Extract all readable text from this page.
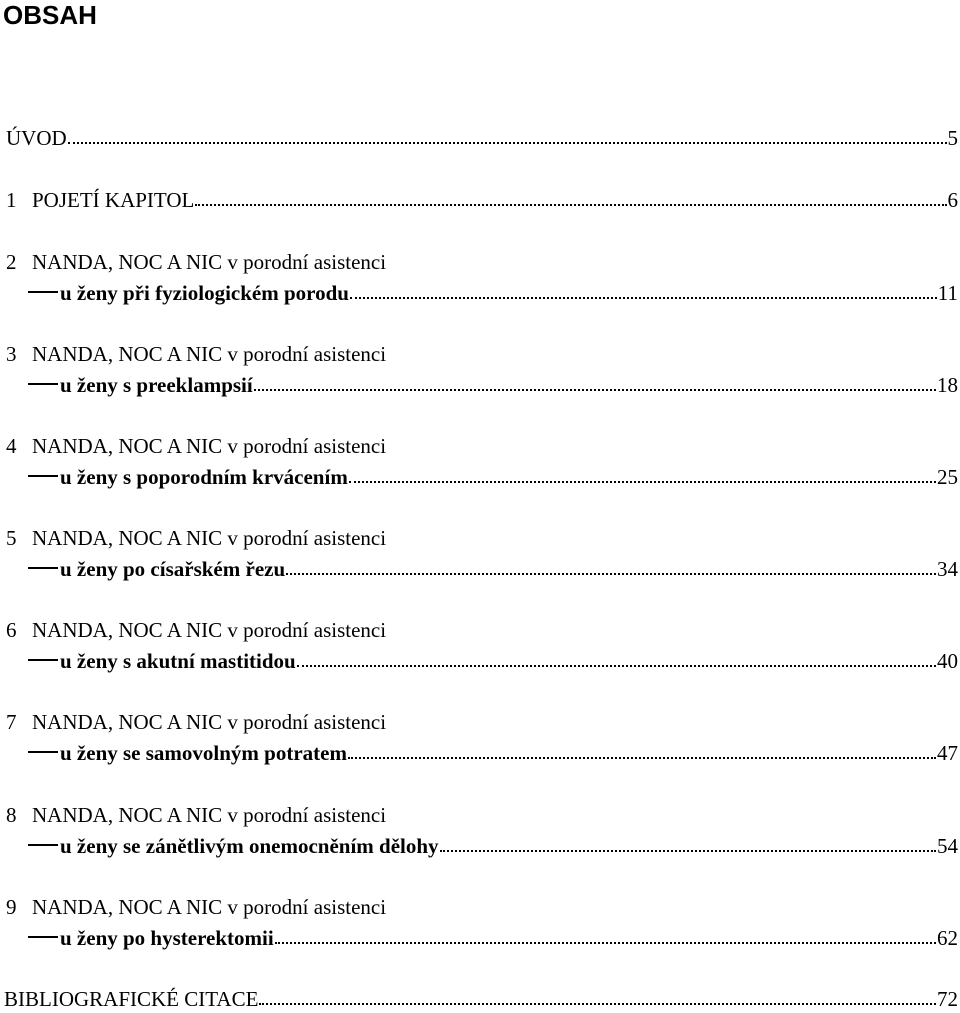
OBSAH
ÚVOD	5
1 POJETÍ KAPITOL	6
2 NANDA, NOC A NIC v porodní asistenci
u ženy při fyziologickém porodu	11
3 NANDA, NOC A NIC v porodní asistenci
u ženy s preeklampsií	18
4 NANDA, NOC A NIC v porodní asistenci
u ženy s poporodním krvácením	25
5 NANDA, NOC A NIC v porodní asistenci
u ženy po císařském řezu	34
6 NANDA, NOC A NIC v porodní asistenci
u ženy s akutní mastitidou	40
7 NANDA, NOC A NIC v porodní asistenci
u ženy se samovolným potratem	47
8 NANDA, NOC A NIC v porodní asistenci
u ženy se zánětlivým onemocněním dělohy	54
9 NANDA, NOC A NIC v porodní asistenci
u ženy po hysterektomii	62
BIBLIOGRAFICKÉ CITACE	72
